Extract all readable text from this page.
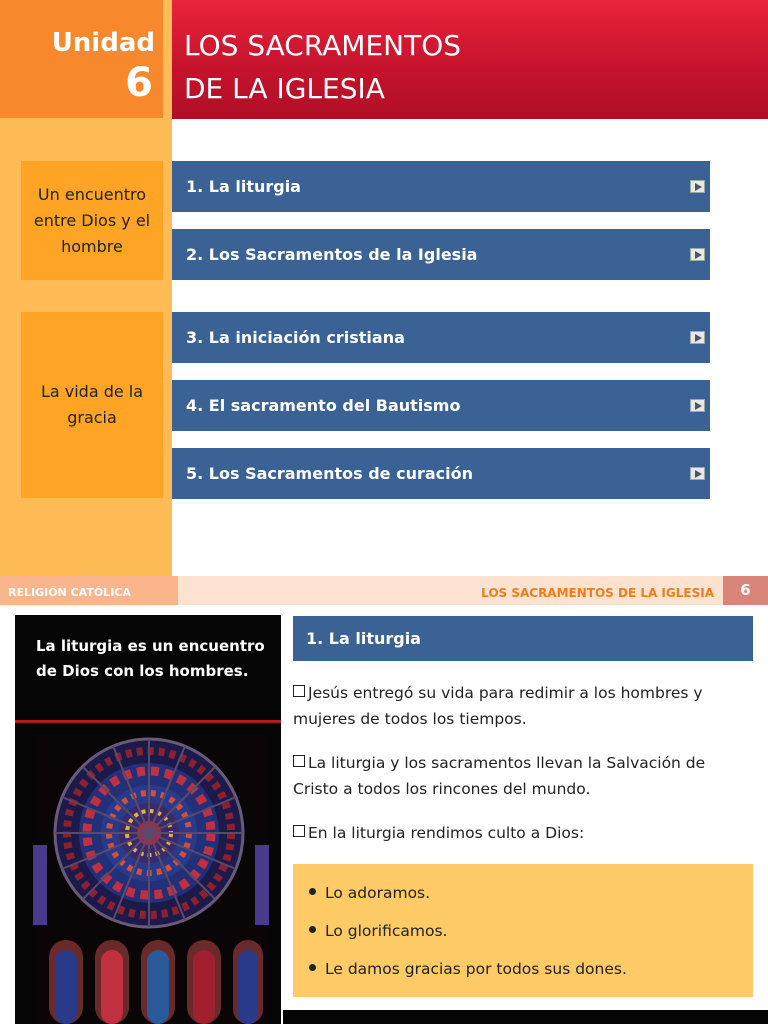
Unidad
6
LOS SACRAMENTOS
DE LA IGLESIA
Un encuentro entre Dios y el hombre
La vida de la gracia
1. La liturgia
2. Los Sacramentos de la Iglesia
3. La iniciación cristiana
4. El sacramento del Bautismo
5. Los Sacramentos de curación
RELIGIÓN CATÓLICA	LOS SACRAMENTOS DE LA IGLESIA	6
La liturgia es un encuentro de Dios con los hombres.
1. La liturgia
Jesús entregó su vida para redimir a los hombres y mujeres de todos los tiempos.
La liturgia y los sacramentos llevan la Salvación de Cristo a todos los rincones del mundo.
En la liturgia rendimos culto a Dios:
Lo adoramos.
Lo glorificamos.
Le damos gracias por todos sus dones.
